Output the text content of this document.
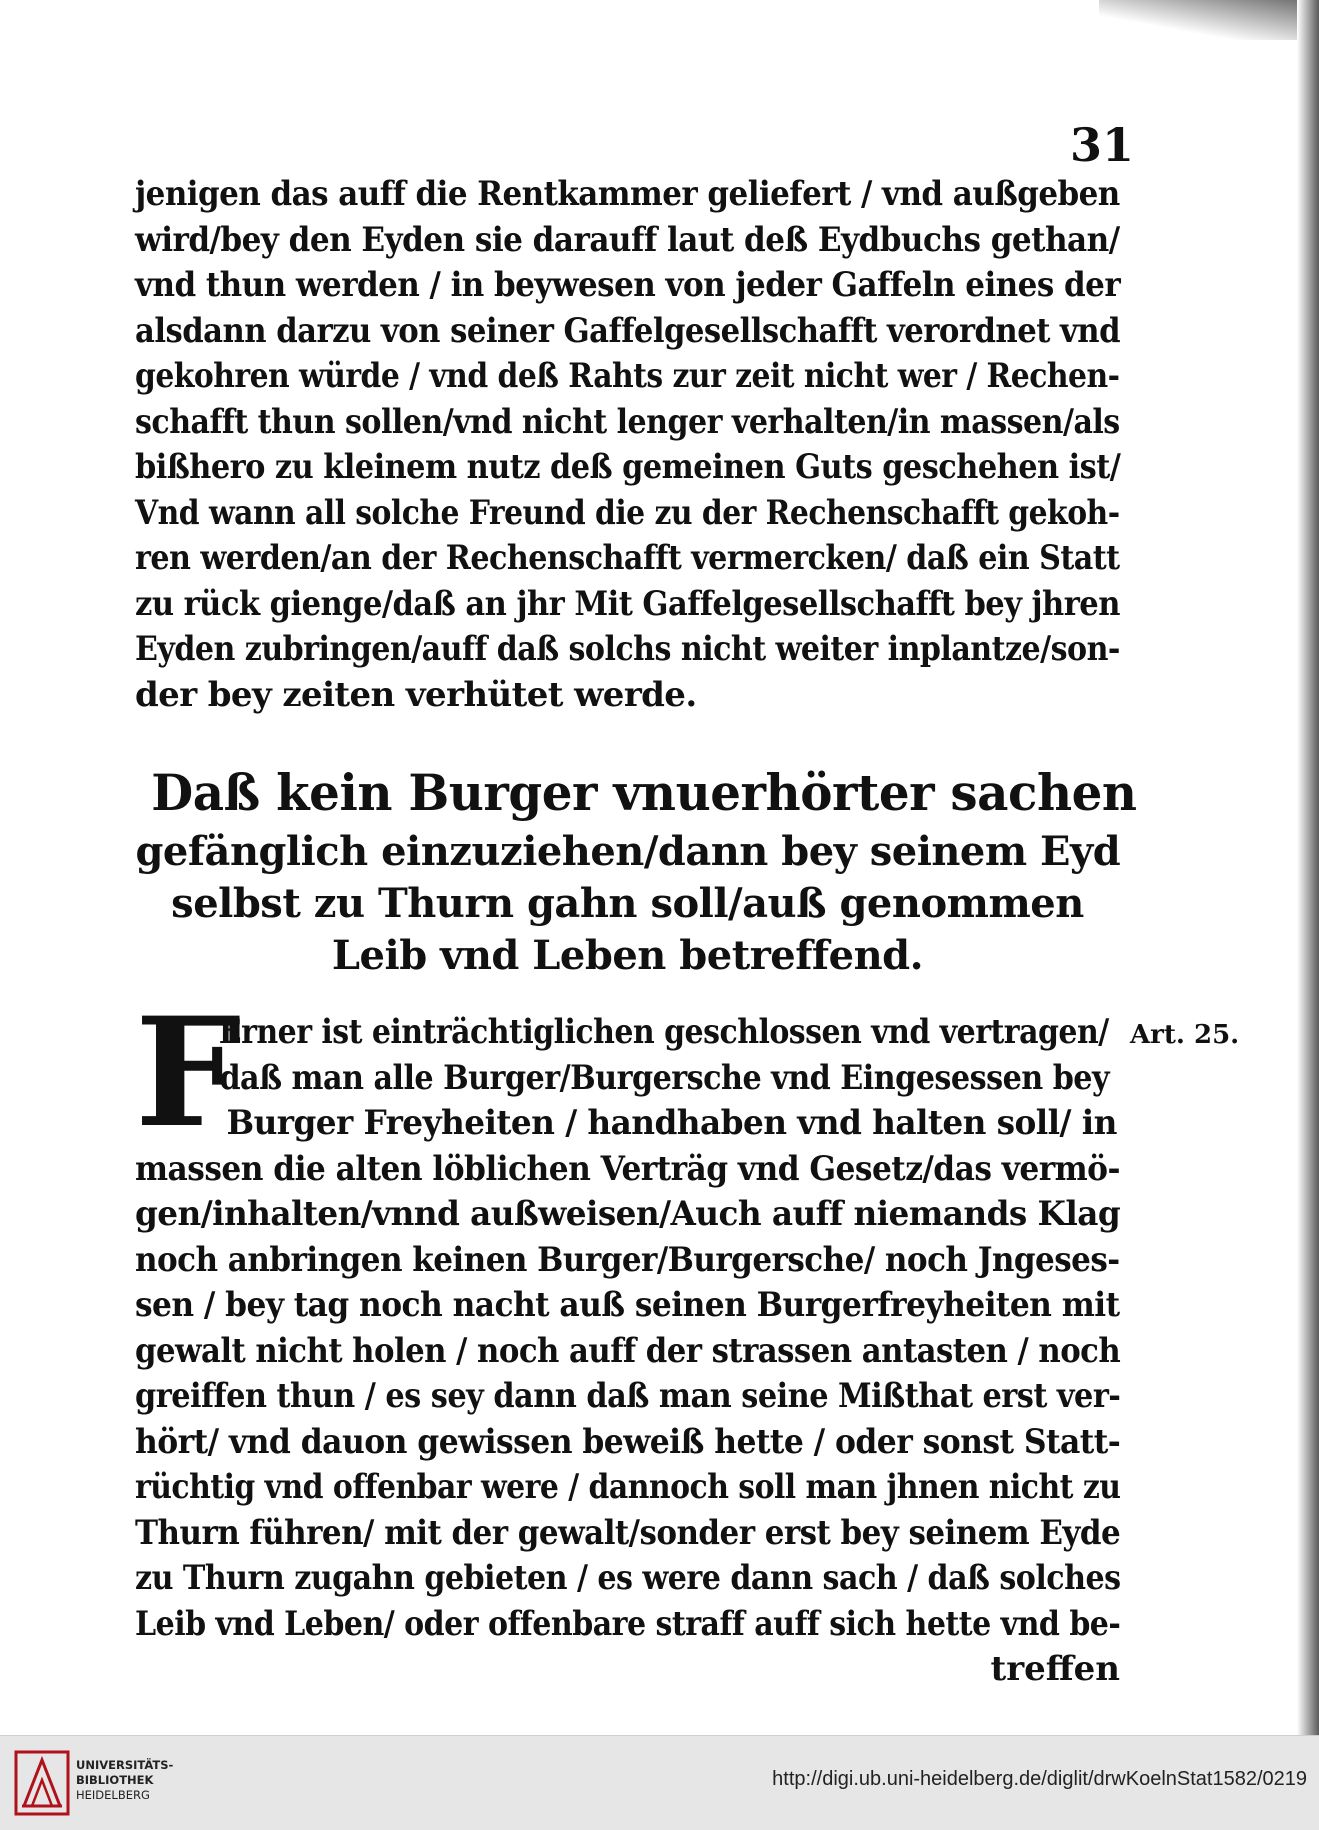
31
jenigen das auff die Rentkammer geliefert / vnd außgeben
wird/bey den Eyden sie darauff laut deß Eydbuchs gethan/
vnd thun werden / in beywesen von jeder Gaffeln eines der
alsdann darzu von seiner Gaffelgesellschafft verordnet vnd
gekohren würde / vnd deß Rahts zur zeit nicht wer / Rechen-
schafft thun sollen/vnd nicht lenger verhalten/in massen/als
bißhero zu kleinem nutz deß gemeinen Guts geschehen ist/
Vnd wann all solche Freund die zu der Rechenschafft gekoh-
ren werden/an der Rechenschafft vermercken/ daß ein Statt
zu rück gienge/daß an jhr Mit Gaffelgesellschafft bey jhren
Eyden zubringen/auff daß solchs nicht weiter inplantze/son-
der bey zeiten verhütet werde.
Daß kein Burger vnuerhörter sachen
gefänglich einzuziehen/dann bey seinem Eyd
selbst zu Thurn gahn soll/auß genommen
Leib vnd Leben betreffend.
F	Art. 25.
Erner ist einträchtiglichen geschlossen vnd vertragen/
daß man alle Burger/Burgersche vnd Eingesessen bey
Burger Freyheiten / handhaben vnd halten soll/ in
massen die alten löblichen Verträg vnd Gesetz/das vermö-
gen/inhalten/vnnd außweisen/Auch auff niemands Klag
noch anbringen keinen Burger/Burgersche/ noch Jngeses-
sen / bey tag noch nacht auß seinen Burgerfreyheiten mit
gewalt nicht holen / noch auff der strassen antasten / noch
greiffen thun / es sey dann daß man seine Mißthat erst ver-
hört/ vnd dauon gewissen beweiß hette / oder sonst Statt-
rüchtig vnd offenbar were / dannoch soll man jhnen nicht zu
Thurn führen/ mit der gewalt/sonder erst bey seinem Eyde
zu Thurn zugahn gebieten / es were dann sach / daß solches
Leib vnd Leben/ oder offenbare straff auff sich hette vnd be-
treffen
UNIVERSITÄTS-
BIBLIOTHEK
HEIDELBERG
http://digi.ub.uni-heidelberg.de/diglit/drwKoelnStat1582/0219
